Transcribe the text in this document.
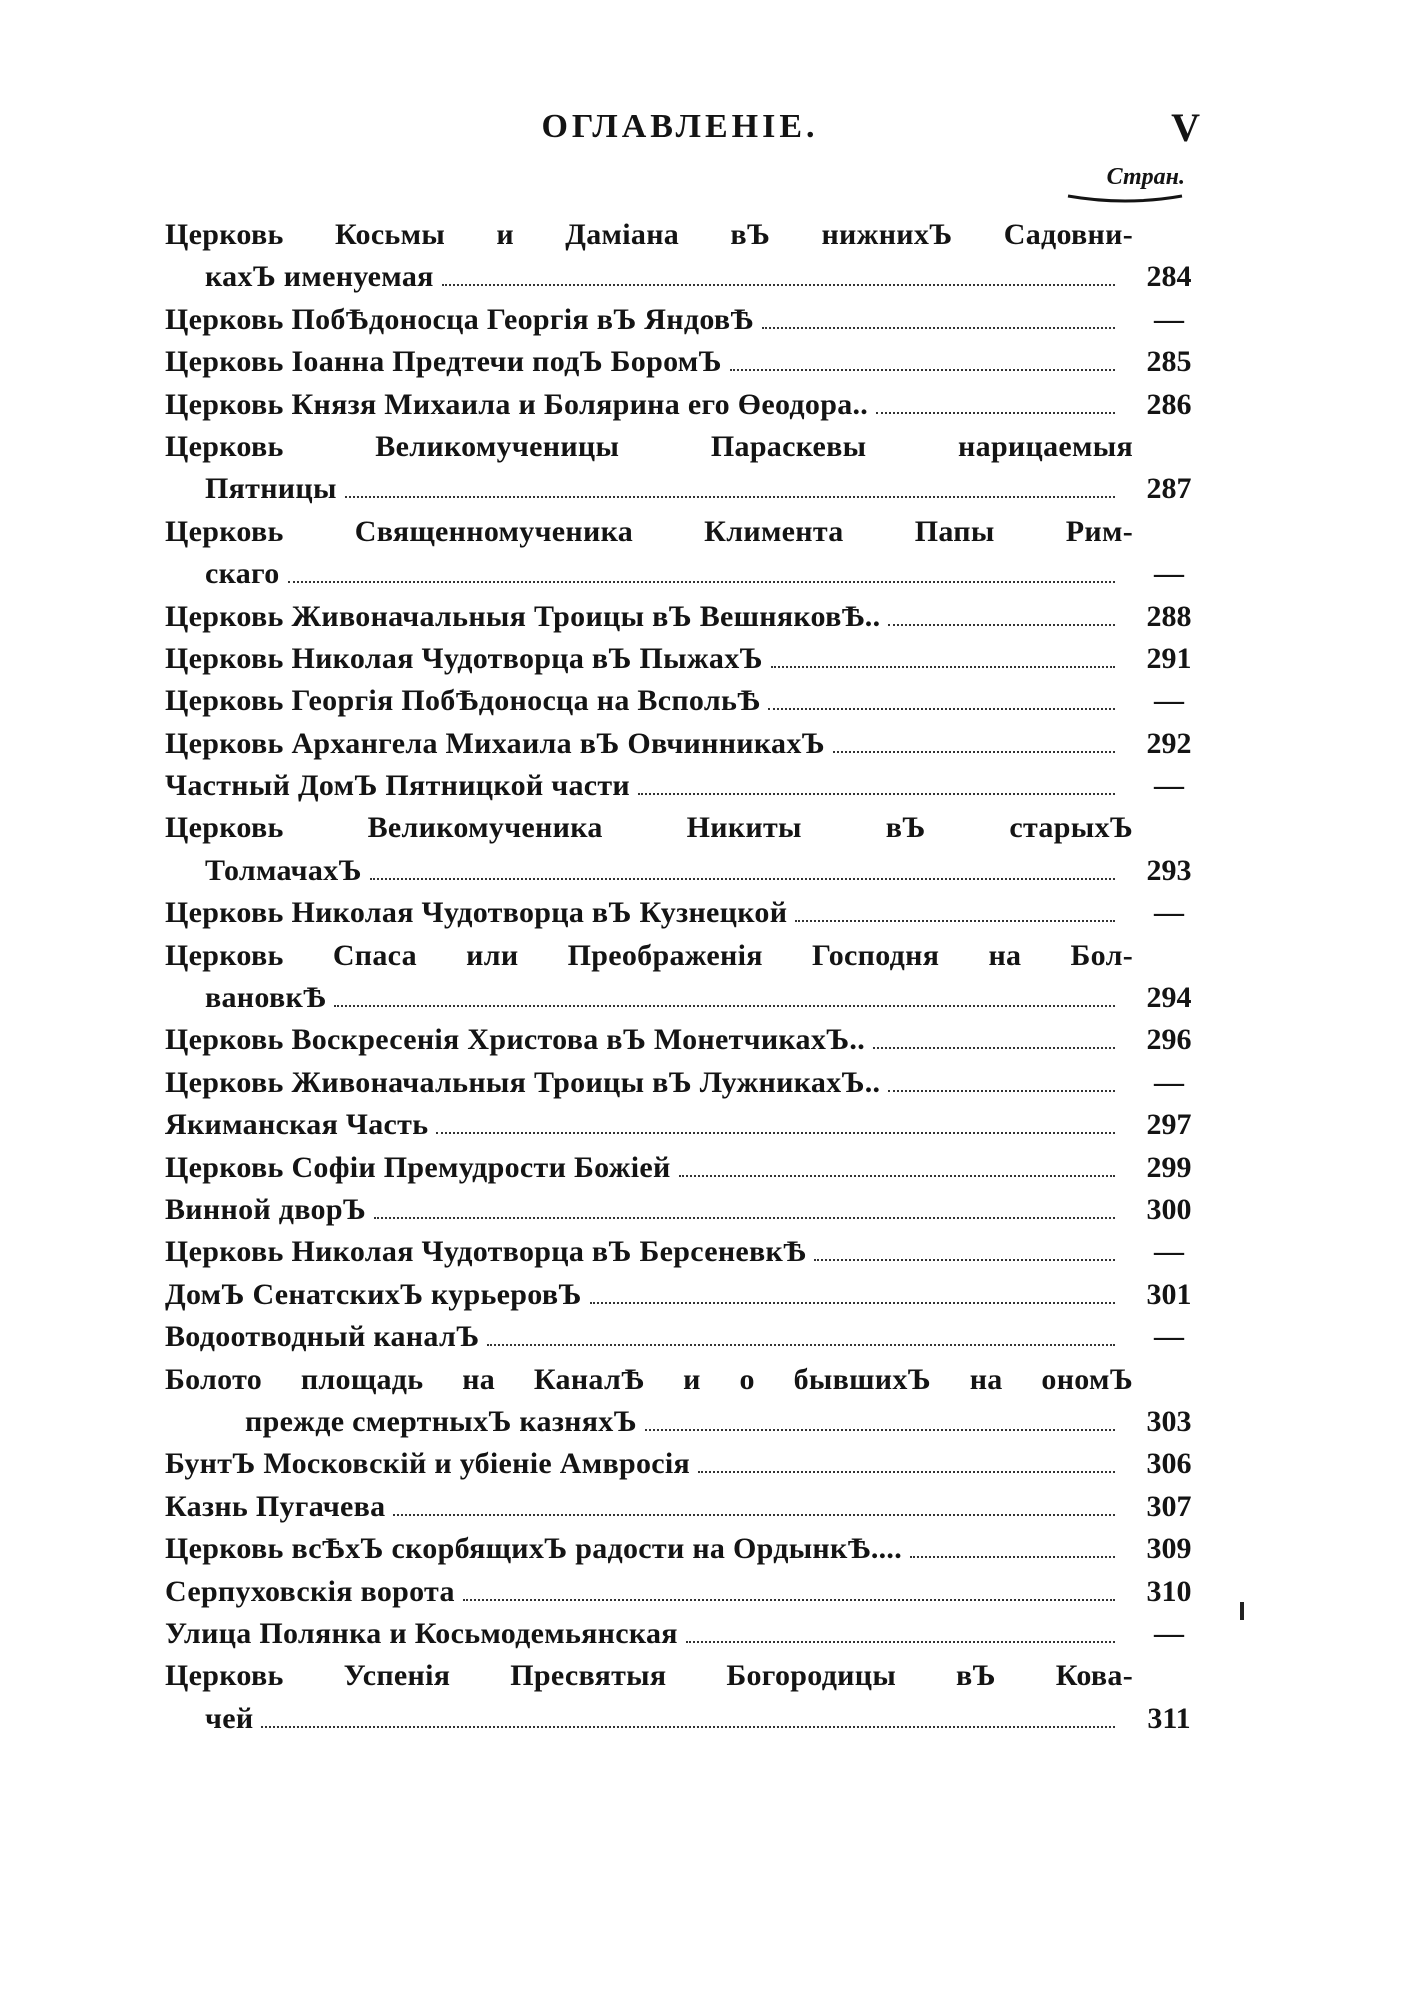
ОГЛАВЛЕНІЕ.	V
Стран.
Церковь Косьмы и Даміана вЪ нижнихЪ Садовни-
кахЪ именуемая	284
Церковь ПобѢдоносца Георгія вЪ ЯндовѢ	—
Церковь Іоанна Предтечи подЪ БоромЪ	285
Церковь Князя Михаила и Болярина его Өеодора..	286
Церковь Великомученицы Параскевы нарицаемыя
Пятницы	287
Церковь Священномученика Климента Папы Рим-
скаго	—
Церковь Живоначальныя Троицы вЪ ВешняковѢ..	288
Церковь Николая Чудотворца вЪ ПыжахЪ	291
Церковь Георгія ПобѢдоносца на ВспольѢ	—
Церковь Архангела Михаила вЪ ОвчинникахЪ	292
Частный ДомЪ Пятницкой части	—
Церковь Великомученика Никиты вЪ старыхЪ
ТолмачахЪ	293
Церковь Николая Чудотворца вЪ Кузнецкой	—
Церковь Спаса или Преображенія Господня на Бол-
вановкѢ	294
Церковь Воскресенія Христова вЪ МонетчикахЪ..	296
Церковь Живоначальныя Троицы вЪ ЛужникахЪ..	—
Якиманская Часть	297
Церковь Софіи Премудрости Божіей	299
Винной дворЪ	300
Церковь Николая Чудотворца вЪ БерсеневкѢ	—
ДомЪ СенатскихЪ курьеровЪ	301
Водоотводный каналЪ	—
Болото площадь на КаналѢ и о бывшихЪ на ономЪ
прежде смертныхЪ казняхЪ	303
БунтЪ Московскій и убіеніе Амвросія	306
Казнь Пугачева	307
Церковь всѢхЪ скорбящихЪ радости на ОрдынкѢ....	309
Серпуховскія ворота	310
Улица Полянка и Косьмодемьянская	—
Церковь Успенія Пресвятыя Богородицы вЪ Кова-
чей	311
